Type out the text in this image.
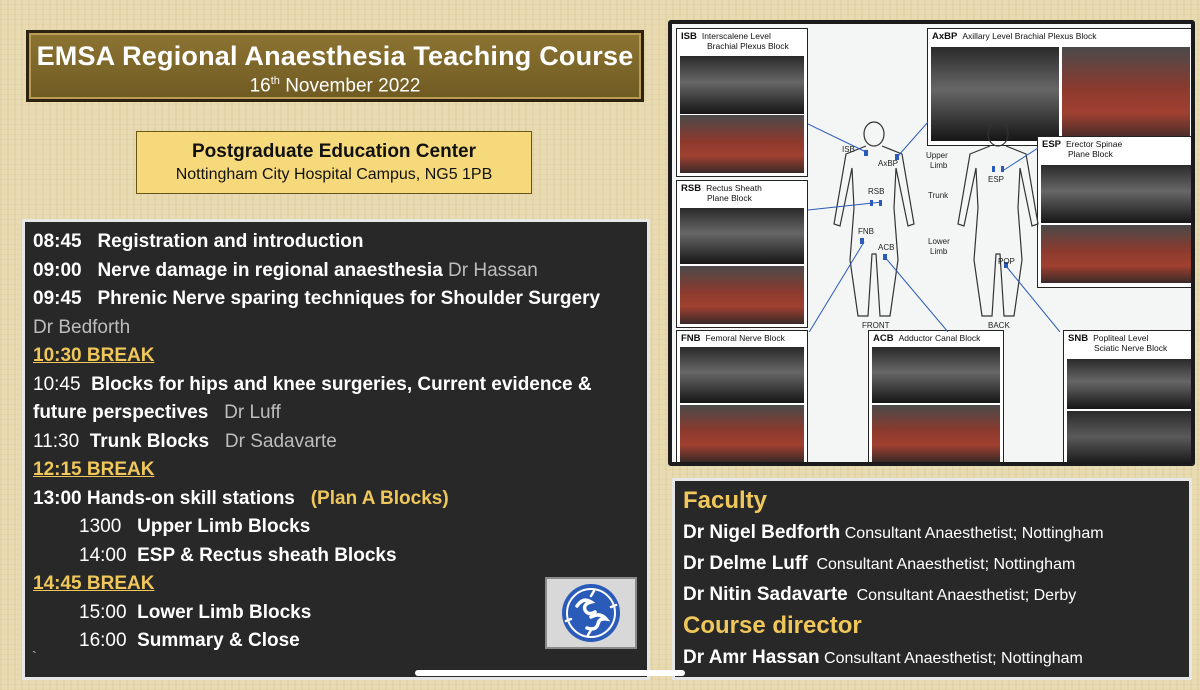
EMSA Regional Anaesthesia Teaching Course
16th November 2022
Postgraduate Education Center
Nottingham City Hospital Campus, NG5 1PB
08:45 Registration and introduction
09:00 Nerve damage in regional anaesthesia Dr Hassan
09:45 Phrenic Nerve sparing techniques for Shoulder Surgery
Dr Bedforth
10:30 BREAK
10:45 Blocks for hips and knee surgeries, Current evidence &
future perspectives Dr Luff
11:30 Trunk Blocks Dr Sadavarte
12:15 BREAK
13:00 Hands-on skill stations (Plan A Blocks)
1300 Upper Limb Blocks
14:00 ESP & Rectus sheath Blocks
14:45 BREAK
15:00 Lower Limb Blocks
16:00 Summary & Close
`
ISB Interscalene Level
Brachial Plexus Block
AxBP Axillary Level Brachial Plexus Block
ESP Erector Spinae
Plane Block
RSB Rectus Sheath
Plane Block
FNB Femoral Nerve Block	ACB Adductor Canal Block	SNB Popliteal Level
Sciatic Nerve Block
ISB
AxBP
RSB
FNB
ACB
ESP
POP
Upper
Limb
Trunk
Lower
Limb
FRONT	BACK
Faculty
Dr Nigel Bedforth Consultant Anaesthetist; Nottingham
Dr Delme Luff Consultant Anaesthetist; Nottingham
Dr Nitin Sadavarte Consultant Anaesthetist; Derby
Course director
Dr Amr Hassan Consultant Anaesthetist; Nottingham
